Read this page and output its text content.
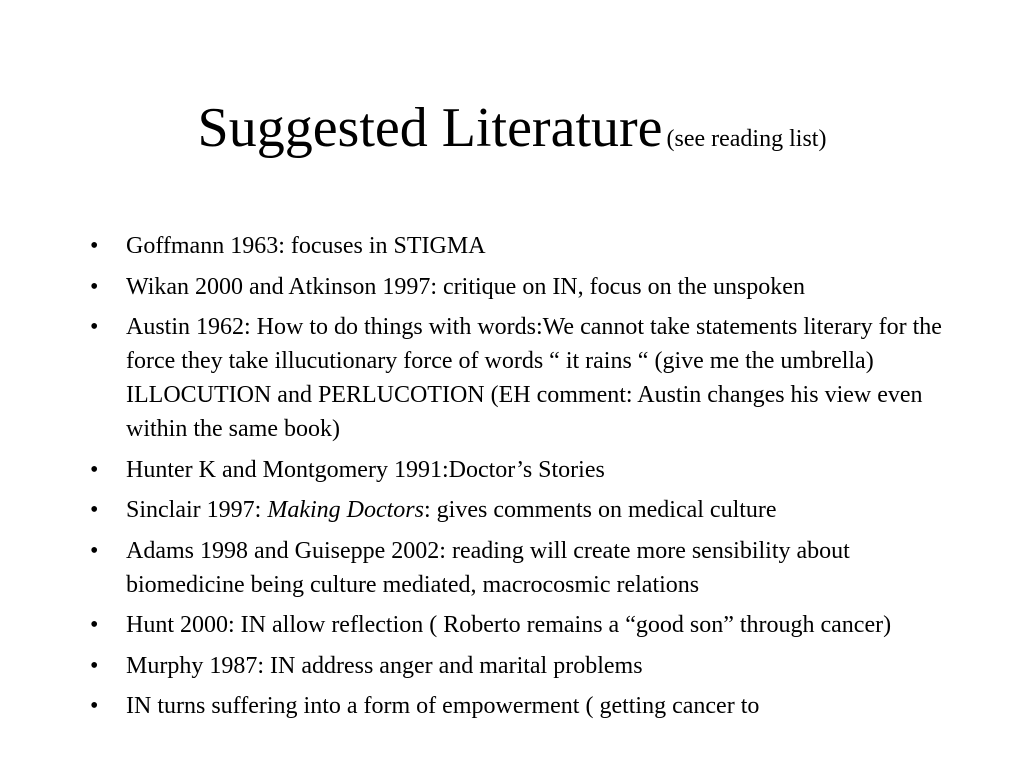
Suggested Literature (see reading list)
• Goffmann 1963: focuses in STIGMA
• Wikan 2000 and Atkinson 1997: critique on IN, focus on the unspoken
• Austin 1962: How to do things with words:We cannot take statements literary for the force they take illucutionary force of words “ it rains “ (give me the umbrella) ILLOCUTION and PERLUCOTION (EH comment: Austin changes his view even within the same book)
• Hunter K and Montgomery 1991:Doctor’s Stories
• Sinclair 1997: Making Doctors: gives comments on medical culture
• Adams 1998 and Guiseppe 2002: reading will create more sensibility about biomedicine being culture mediated, macrocosmic relations
• Hunt 2000: IN allow reflection ( Roberto remains a “good son” through cancer)
• Murphy 1987: IN address anger and marital problems
• IN turns suffering into a form of empowerment ( getting cancer to
